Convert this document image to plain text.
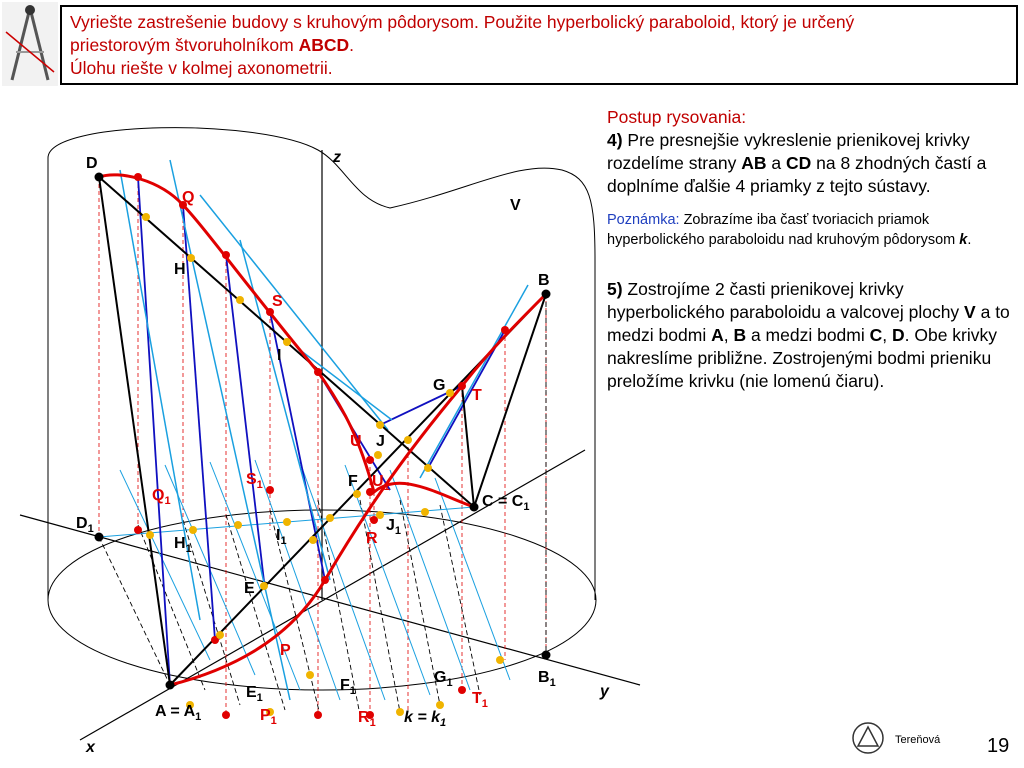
Vyriešte zastrešenie budovy s kruhovým pôdorysom. Použite hyperbolický paraboloid, ktorý je určený
priestorovým štvoruholníkom ABCD.
Úlohu riešte v kolmej axonometrii.

Postup rysovania:

4) Pre presnejšie vykreslenie prienikovej krivky rozdelíme strany AB a CD na 8 zhodných častí a doplníme ďalšie 4 priamky z tejto sústavy.

Poznámka: Zobrazíme iba časť tvoriacich priamok hyperbolického paraboloidu nad kruhovým pôdorysom k.

5) Zostrojíme 2 časti prienikovej krivky hyperbolického paraboloidu a valcovej plochy V a to medzi bodmi A, B a medzi bodmi C, D. Obe krivky nakreslíme približne. Zostrojenými bodmi prieniku preložíme krivku (nie lomenú čiaru).

D
Q
H
S
I
G
T
U J
B
V
z
$S_1$	F $U_1$
$Q_1$
$D_1$
$H_1$
$I_1$
$J_1$
R
$C = C_1$
E
P
$E_1$
$F_1$
$G_1$	$B_1$	y
$T_1$
$A = A_1$	$P_1$	$R_1$ $k = k_1$
x	Tereňová 19
